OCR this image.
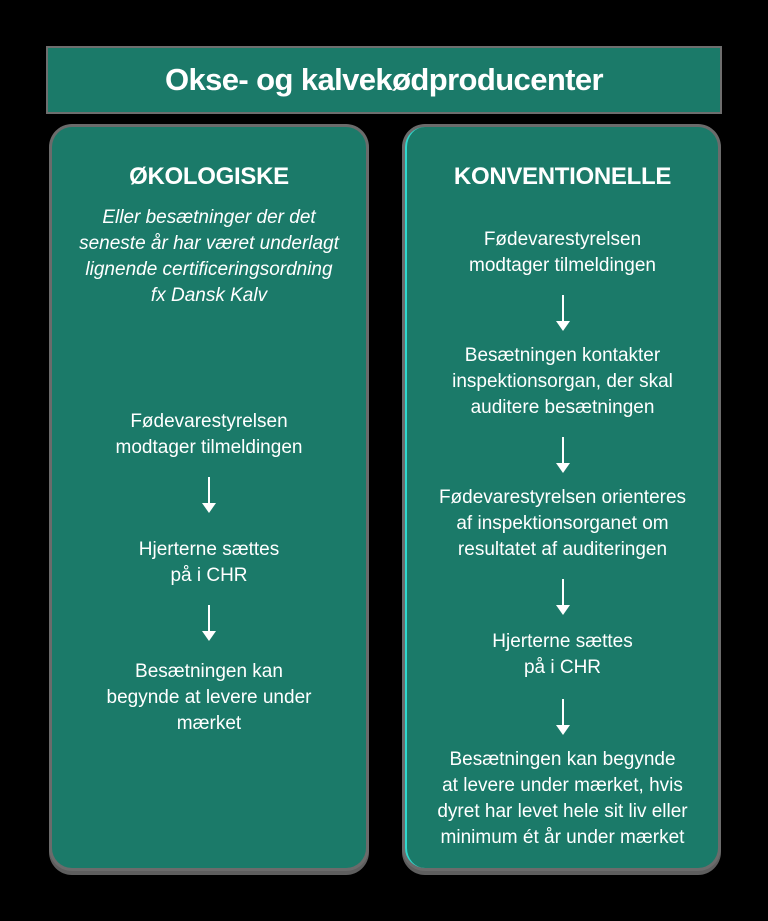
Okse- og kalvekødproducenter
ØKOLOGISKE
Eller besætninger der det
seneste år har været underlagt
lignende certificeringsordning
fx Dansk Kalv
Fødevarestyrelsen
modtager tilmeldingen
Hjerterne sættes
på i CHR
Besætningen kan
begynde at levere under
mærket
KONVENTIONELLE
Fødevarestyrelsen
modtager tilmeldingen
Besætningen kontakter
inspektionsorgan, der skal
auditere besætningen
Fødevarestyrelsen orienteres
af inspektionsorganet om
resultatet af auditeringen
Hjerterne sættes
på i CHR
Besætningen kan begynde
at levere under mærket, hvis
dyret har levet hele sit liv eller
minimum ét år under mærket
